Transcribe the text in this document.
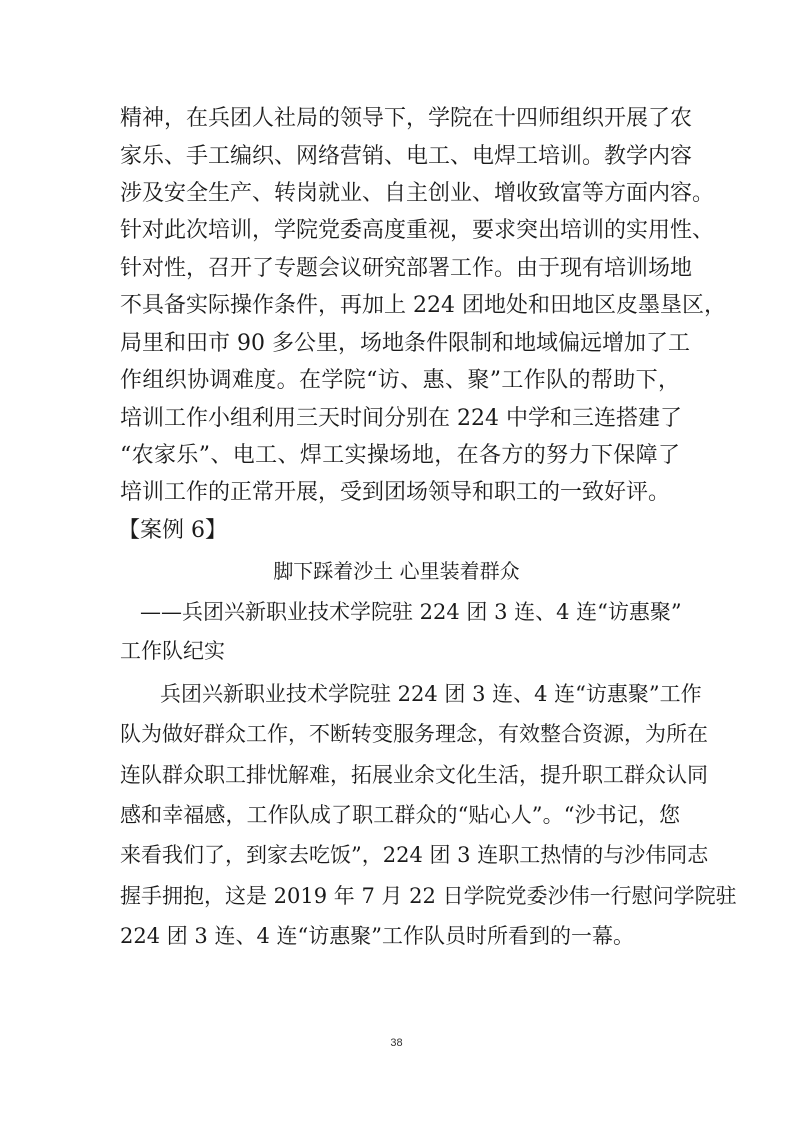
精神，在兵团人社局的领导下，学院在十四师组织开展了农
家乐、手工编织、网络营销、电工、电焊工培训。教学内容
涉及安全生产、转岗就业、自主创业、增收致富等方面内容。
针对此次培训，学院党委高度重视，要求突出培训的实用性、
针对性，召开了专题会议研究部署工作。由于现有培训场地
不具备实际操作条件，再加上 224 团地处和田地区皮墨垦区，
局里和田市 90 多公里，场地条件限制和地域偏远增加了工
作组织协调难度。在学院“访、惠、聚”工作队的帮助下，
培训工作小组利用三天时间分别在 224 中学和三连搭建了
“农家乐”、电工、焊工实操场地，在各方的努力下保障了
培训工作的正常开展，受到团场领导和职工的一致好评。
【案例 6】
脚下踩着沙土 心里装着群众
——兵团兴新职业技术学院驻 224 团 3 连、4 连“访惠聚”
工作队纪实
兵团兴新职业技术学院驻 224 团 3 连、4 连“访惠聚”工作
队为做好群众工作，不断转变服务理念，有效整合资源，为所在
连队群众职工排忧解难，拓展业余文化生活，提升职工群众认同
感和幸福感，工作队成了职工群众的“贴心人”。“沙书记，您
来看我们了，到家去吃饭”，224 团 3 连职工热情的与沙伟同志
握手拥抱，这是 2019 年 7 月 22 日学院党委沙伟一行慰问学院驻
224 团 3 连、4 连“访惠聚”工作队员时所看到的一幕。
38
